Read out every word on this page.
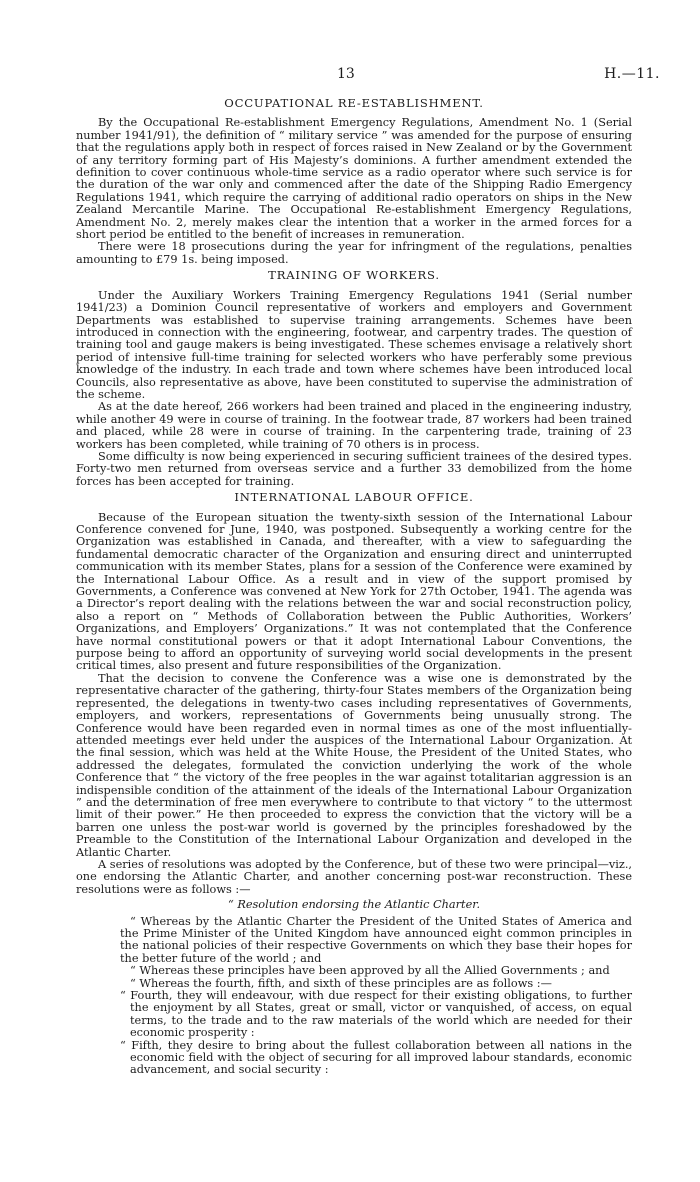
13	H.—11.
OCCUPATIONAL RE-ESTABLISHMENT.

By the Occupational Re-establishment Emergency Regulations, Amendment No. 1 (Serial number 1941/91), the definition of “ military service ” was amended for the purpose of ensuring that the regulations apply both in respect of forces raised in New Zealand or by the Government of any territory forming part of His Majesty’s dominions. A further amendment extended the definition to cover continuous whole-time service as a radio operator where such service is for the duration of the war only and commenced after the date of the Shipping Radio Emergency Regulations 1941, which require the carrying of additional radio operators on ships in the New Zealand Mercantile Marine. The Occupational Re-establishment Emergency Regulations, Amendment No. 2, merely makes clear the intention that a worker in the armed forces for a short period be entitled to the benefit of increases in remuneration.

There were 18 prosecutions during the year for infringment of the regulations, penalties amounting to £79 1s. being imposed.

TRAINING OF WORKERS.

Under the Auxiliary Workers Training Emergency Regulations 1941 (Serial number 1941/23) a Dominion Council representative of workers and employers and Government Departments was established to supervise training arrangements. Schemes have been introduced in connection with the engineering, footwear, and carpentry trades. The question of training tool and gauge makers is being investigated. These schemes envisage a relatively short period of intensive full-time training for selected workers who have perferably some previous knowledge of the industry. In each trade and town where schemes have been introduced local Councils, also representative as above, have been constituted to supervise the administration of the scheme.

As at the date hereof, 266 workers had been trained and placed in the engineering industry, while another 49 were in course of training. In the footwear trade, 87 workers had been trained and placed, while 28 were in course of training. In the carpentering trade, training of 23 workers has been completed, while training of 70 others is in process.

Some difficulty is now being experienced in securing sufficient trainees of the desired types. Forty-two men returned from overseas service and a further 33 demobilized from the home forces has been accepted for training.

INTERNATIONAL LABOUR OFFICE.

Because of the European situation the twenty-sixth session of the International Labour Conference convened for June, 1940, was postponed. Subsequently a working centre for the Organization was established in Canada, and thereafter, with a view to safeguarding the fundamental democratic character of the Organization and ensuring direct and uninterrupted communication with its member States, plans for a session of the Conference were examined by the International Labour Office. As a result and in view of the support promised by Governments, a Conference was convened at New York for 27th October, 1941. The agenda was a Director’s report dealing with the relations between the war and social reconstruction policy, also a report on “ Methods of Collaboration between the Public Authorities, Workers’ Organizations, and Employers’ Organizations.” It was not contemplated that the Conference have normal constitutional powers or that it adopt International Labour Conventions, the purpose being to afford an opportunity of surveying world social developments in the present critical times, also present and future responsibilities of the Organization.

That the decision to convene the Conference was a wise one is demonstrated by the representative character of the gathering, thirty-four States members of the Organization being represented, the delegations in twenty-two cases including representatives of Governments, employers, and workers, representations of Governments being unusually strong. The Conference would have been regarded even in normal times as one of the most influentially-attended meetings ever held under the auspices of the International Labour Organization. At the final session, which was held at the White House, the President of the United States, who addressed the delegates, formulated the conviction underlying the work of the whole Conference that “ the victory of the free peoples in the war against totalitarian aggression is an indispensible condition of the attainment of the ideals of the International Labour Organization ” and the determination of free men everywhere to contribute to that victory “ to the uttermost limit of their power.” He then proceeded to express the conviction that the victory will be a barren one unless the post-war world is governed by the principles foreshadowed by the Preamble to the Constitution of the International Labour Organization and developed in the Atlantic Charter.

A series of resolutions was adopted by the Conference, but of these two were principal—viz., one endorsing the Atlantic Charter, and another concerning post-war reconstruction. These resolutions were as follows :—

“ Resolution endorsing the Atlantic Charter.

“ Whereas by the Atlantic Charter the President of the United States of America and the Prime Minister of the United Kingdom have announced eight common principles in the national policies of their respective Governments on which they base their hopes for the better future of the world ; and

“ Whereas these principles have been approved by all the Allied Governments ; and

“ Whereas the fourth, fifth, and sixth of these principles are as follows :—

“ Fourth, they will endeavour, with due respect for their existing obligations, to further the enjoyment by all States, great or small, victor or vanquished, of access, on equal terms, to the trade and to the raw materials of the world which are needed for their economic prosperity :

“ Fifth, they desire to bring about the fullest collaboration between all nations in the economic field with the object of securing for all improved labour standards, economic advancement, and social security :
